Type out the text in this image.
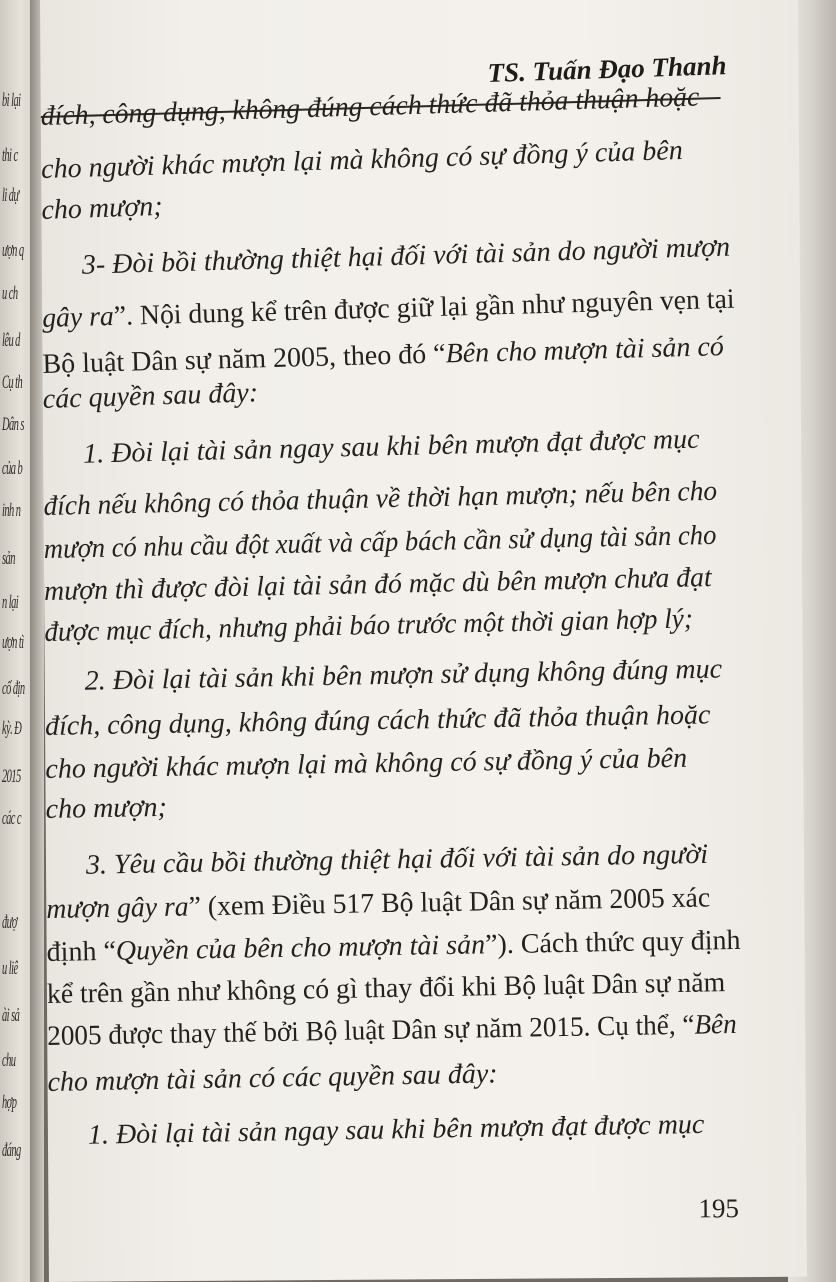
bi lại
thi c
li dự
ượn q
u ch
lêu d
Cụ th
Dân s
của b
inh n
sản
n lại
ượn tì
cố địn
kỳ. Đ
2015
các c
đượ
u liê
ài sả
chu
hợp
đáng
TS. Tuấn Đạo Thanh
đích, công dụng, không đúng cách thức đã thỏa thuận hoặc
cho người khác mượn lại mà không có sự đồng ý của bên
cho mượn;
3- Đòi bồi thường thiệt hại đối với tài sản do người mượn
gây ra”. Nội dung kể trên được giữ lại gần như nguyên vẹn tại
Bộ luật Dân sự năm 2005, theo đó “Bên cho mượn tài sản có
các quyền sau đây:
1. Đòi lại tài sản ngay sau khi bên mượn đạt được mục
đích nếu không có thỏa thuận về thời hạn mượn; nếu bên cho
mượn có nhu cầu đột xuất và cấp bách cần sử dụng tài sản cho
mượn thì được đòi lại tài sản đó mặc dù bên mượn chưa đạt
được mục đích, nhưng phải báo trước một thời gian hợp lý;
2. Đòi lại tài sản khi bên mượn sử dụng không đúng mục
đích, công dụng, không đúng cách thức đã thỏa thuận hoặc
cho người khác mượn lại mà không có sự đồng ý của bên
cho mượn;
3. Yêu cầu bồi thường thiệt hại đối với tài sản do người
mượn gây ra” (xem Điều 517 Bộ luật Dân sự năm 2005 xác
định “Quyền của bên cho mượn tài sản”). Cách thức quy định
kể trên gần như không có gì thay đổi khi Bộ luật Dân sự năm
2005 được thay thế bởi Bộ luật Dân sự năm 2015. Cụ thể, “Bên
cho mượn tài sản có các quyền sau đây:
1. Đòi lại tài sản ngay sau khi bên mượn đạt được mục
195
